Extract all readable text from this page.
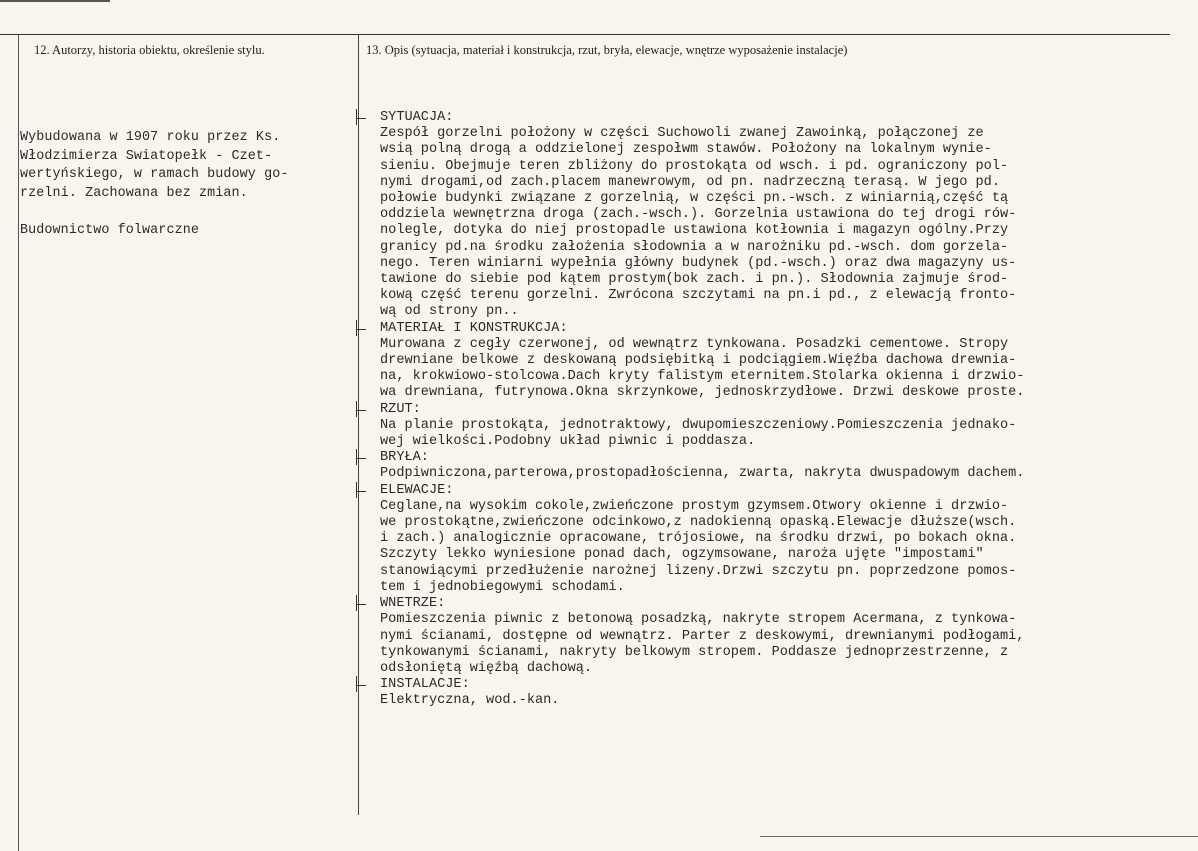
12. Autorzy, historia obiektu, określenie stylu.	13. Opis (sytuacja, materiał i konstrukcja, rzut, bryła, elewacje, wnętrze wyposażenie instalacje)
Wybudowana w 1907 roku przez Ks.
Włodzimierza Swiatopełk - Czet-
wertyńskiego, w ramach budowy go-
rzelni. Zachowana bez zmian.
Budownictwo folwarczne
SYTUACJA:
Zespół gorzelni położony w części Suchowoli zwanej Zawoinką, połączonej ze
wsią polną drogą a oddzielonej zespołwm stawów. Położony na lokalnym wynie-
sieniu. Obejmuje teren zbliżony do prostokąta od wsch. i pd. ograniczony pol-
nymi drogami,od zach.placem manewrowym, od pn. nadrzeczną terasą. W jego pd.
połowie budynki związane z gorzelnią, w części pn.-wsch. z winiarnią,część tą
oddziela wewnętrzna droga (zach.-wsch.). Gorzelnia ustawiona do tej drogi rów-
nolegle, dotyka do niej prostopadle ustawiona kotłownia i magazyn ogólny.Przy
granicy pd.na środku założenia słodownia a w narożniku pd.-wsch. dom gorzela-
nego. Teren winiarni wypełnia główny budynek (pd.-wsch.) oraz dwa magazyny us-
tawione do siebie pod kątem prostym(bok zach. i pn.). Słodownia zajmuje środ-
kową część terenu gorzelni. Zwrócona szczytami na pn.i pd., z elewacją fronto-
wą od strony pn..
MATERIAŁ I KONSTRUKCJA:
Murowana z cegły czerwonej, od wewnątrz tynkowana. Posadzki cementowe. Stropy
drewniane belkowe z deskowaną podsiębitką i podciągiem.Więźba dachowa drewnia-
na, krokwiowo-stolcowa.Dach kryty falistym eternitem.Stolarka okienna i drzwio-
wa drewniana, futrynowa.Okna skrzynkowe, jednoskrzydłowe. Drzwi deskowe proste.
RZUT:
Na planie prostokąta, jednotraktowy, dwupomieszczeniowy.Pomieszczenia jednako-
wej wielkości.Podobny układ piwnic i poddasza.
BRYŁA:
Podpiwniczona,parterowa,prostopadłościenna, zwarta, nakryta dwuspadowym dachem.
ELEWACJE:
Ceglane,na wysokim cokole,zwieńczone prostym gzymsem.Otwory okienne i drzwio-
we prostokątne,zwieńczone odcinkowo,z nadokienną opaską.Elewacje dłuższe(wsch.
i zach.) analogicznie opracowane, trójosiowe, na środku drzwi, po bokach okna.
Szczyty lekko wyniesione ponad dach, ogzymsowane, naroża ujęte "impostami"
stanowiącymi przedłużenie narożnej lizeny.Drzwi szczytu pn. poprzedzone pomos-
tem i jednobiegowymi schodami.
WNETRZE:
Pomieszczenia piwnic z betonową posadzką, nakryte stropem Acermana, z tynkowa-
nymi ścianami, dostępne od wewnątrz. Parter z deskowymi, drewnianymi podłogami,
tynkowanymi ścianami, nakryty belkowym stropem. Poddasze jednoprzestrzenne, z
odsłoniętą więźbą dachową.
INSTALACJE:
Elektryczna, wod.-kan.
